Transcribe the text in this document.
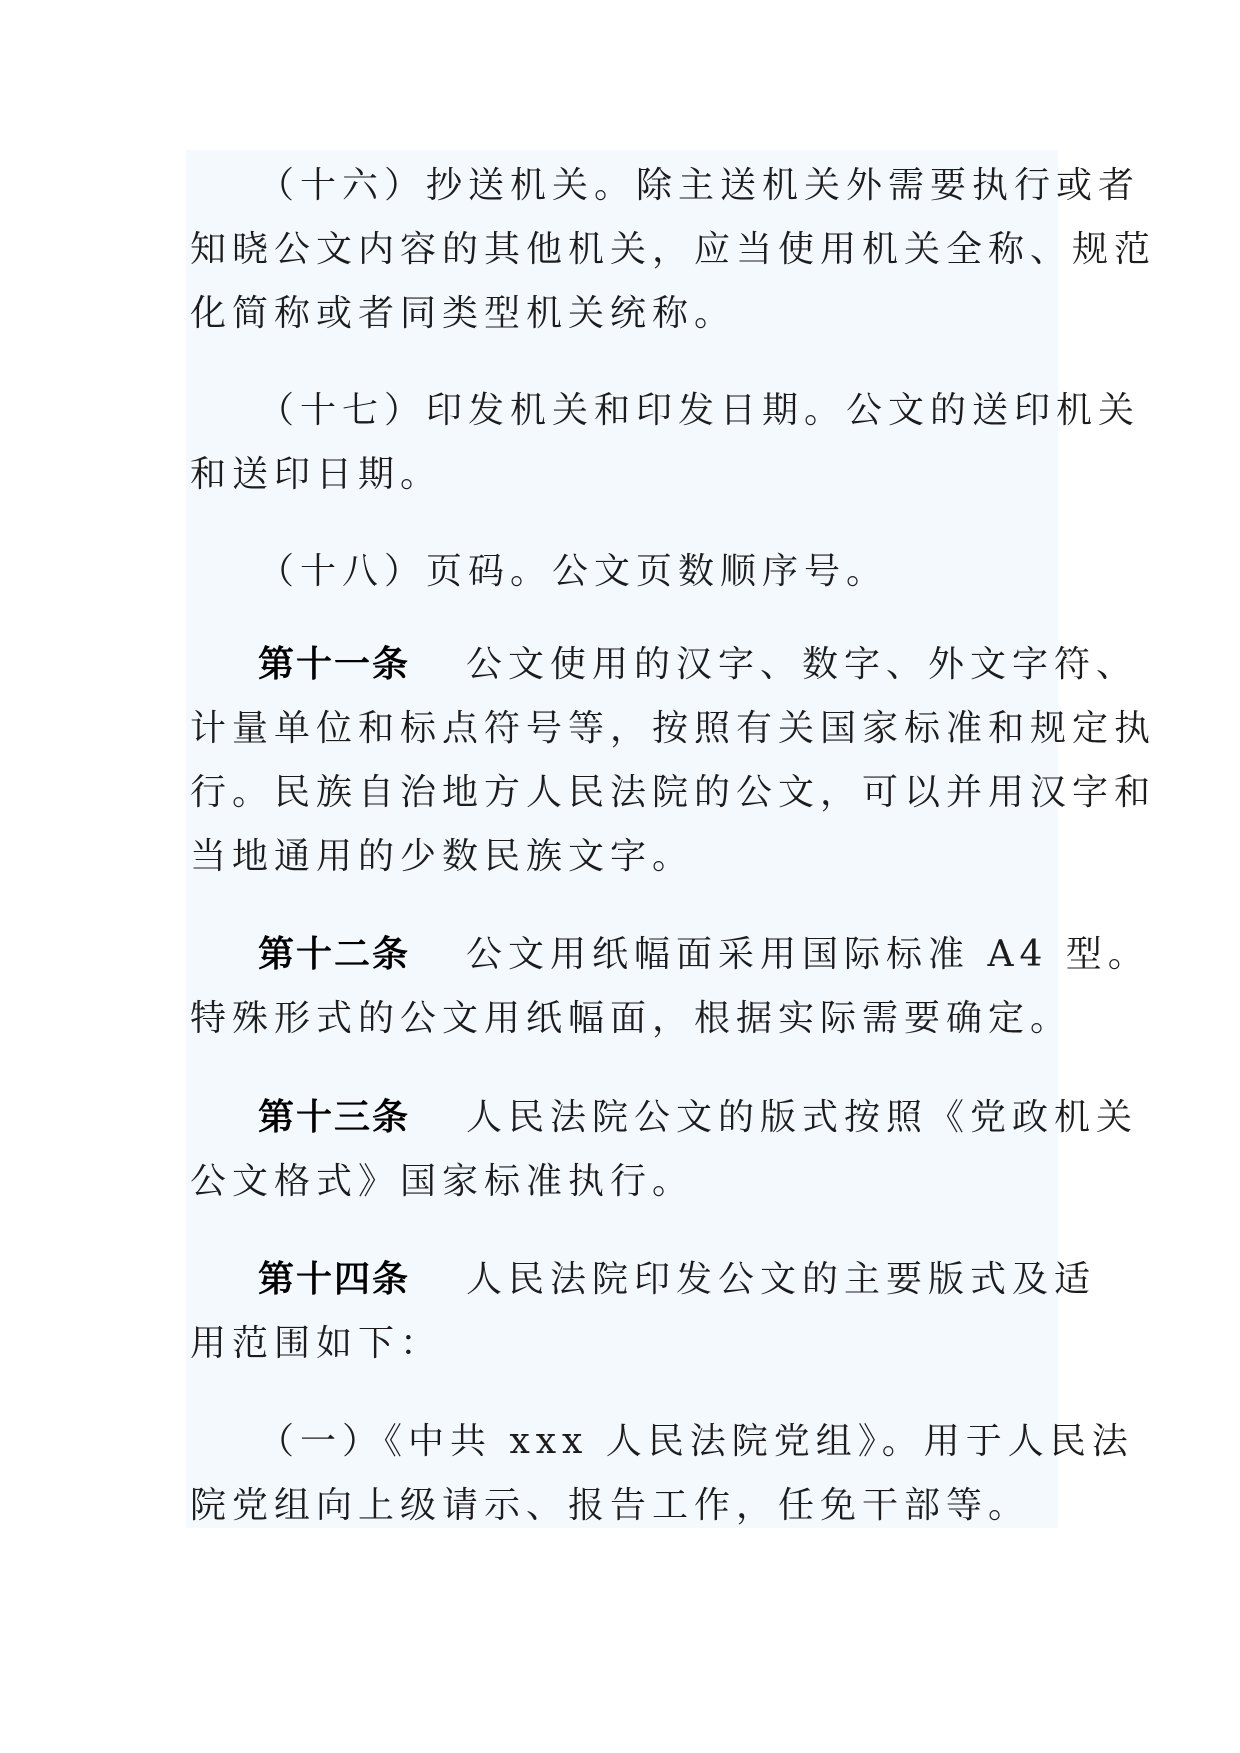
（十六）抄送机关。除主送机关外需要执行或者
知晓公文内容的其他机关，应当使用机关全称、规范
化简称或者同类型机关统称。
（十七）印发机关和印发日期。公文的送印机关
和送印日期。
（十八）页码。公文页数顺序号。
第十一条 公文使用的汉字、数字、外文字符、
计量单位和标点符号等，按照有关国家标准和规定执
行。民族自治地方人民法院的公文，可以并用汉字和
当地通用的少数民族文字。
第十二条 公文用纸幅面采用国际标准 A4 型。
特殊形式的公文用纸幅面，根据实际需要确定。
第十三条 人民法院公文的版式按照《党政机关
公文格式》国家标准执行。
第十四条 人民法院印发公文的主要版式及适
用范围如下：
（一）《中共 xxx 人民法院党组》。用于人民法
院党组向上级请示、报告工作，任免干部等。
